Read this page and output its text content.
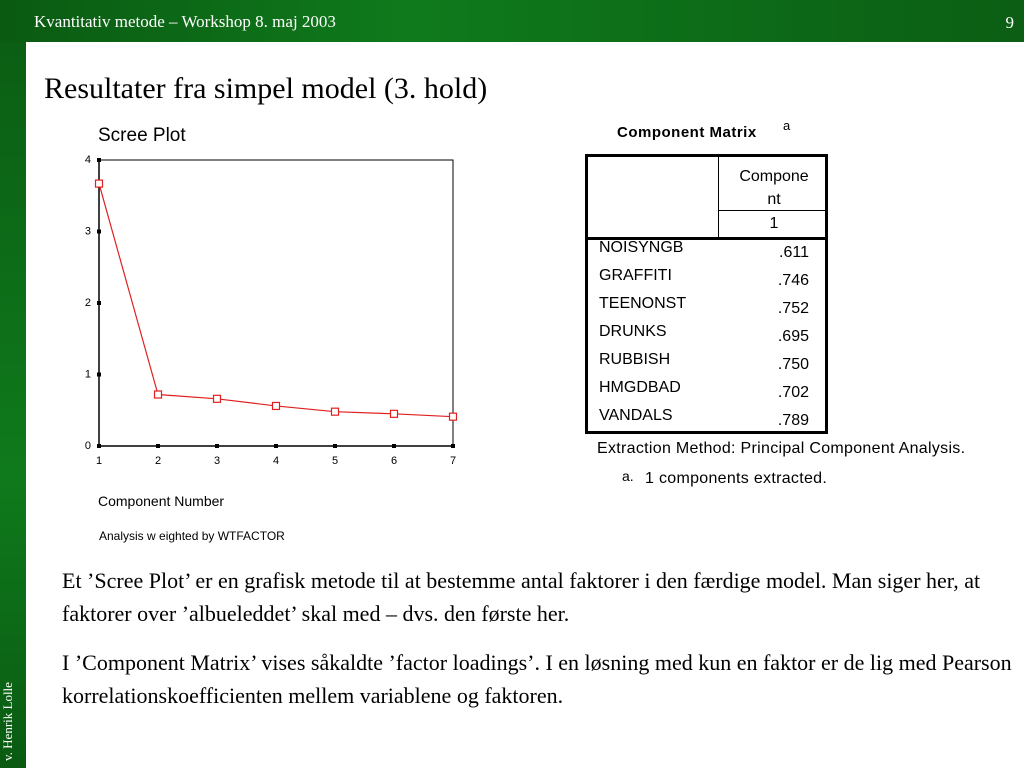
Kvantitativ metode – Workshop 8. maj 2003	9
v. Henrik Lolle
Resultater fra simpel model (3. hold)
Scree Plot
0
1
2
3
4
1	2	3	4	5	6	7
Component Number
Analysis w eighted by WTFACTOR
Component Matrix a
Compone
nt
1
NOISYNGB	.611
GRAFFITI	.746
TEENONST	.752
DRUNKS	.695
RUBBISH	.750
HMGDBAD	.702
VANDALS	.789
Extraction Method: Principal Component Analysis.
a. 1 components extracted.

Et ’Scree Plot’ er en grafisk metode til at bestemme antal faktorer i den færdige model. Man siger her, at faktorer over ’albueleddet’ skal med – dvs. den første her.

I ’Component Matrix’ vises såkaldte ’factor loadings’. I en løsning med kun en faktor er de lig med Pearson korrelationskoefficienten mellem variablene og faktoren.
